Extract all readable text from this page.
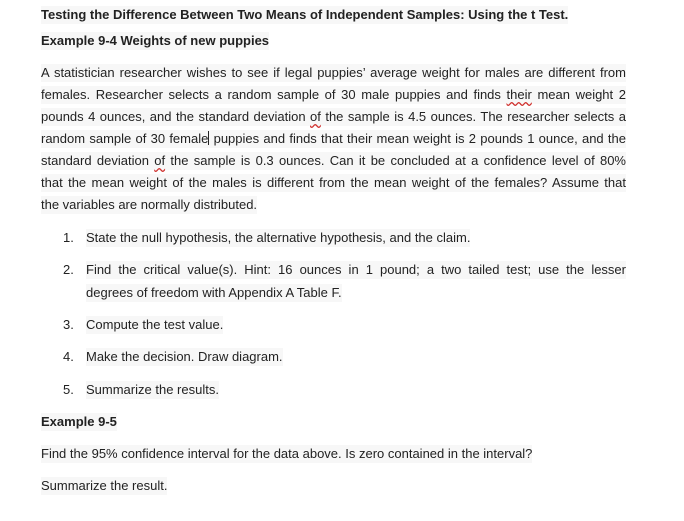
Testing the Difference Between Two Means of Independent Samples: Using the t Test.
Example 9-4 Weights of new puppies
A statistician researcher wishes to see if legal puppies’ average weight for males are different from
females. Researcher selects a random sample of 30 male puppies and finds their mean weight 2
pounds 4 ounces, and the standard deviation of the sample is 4.5 ounces. The researcher selects a
random sample of 30 female puppies and finds that their mean weight is 2 pounds 1 ounce, and the
standard deviation of the sample is 0.3 ounces. Can it be concluded at a confidence level of 80%
that the mean weight of the males is different from the mean weight of the females? Assume that
the variables are normally distributed.
1. State the null hypothesis, the alternative hypothesis, and the claim.
2. Find the critical value(s). Hint: 16 ounces in 1 pound; a two tailed test; use the lesser
degrees of freedom with Appendix A Table F.
3. Compute the test value.
4. Make the decision. Draw diagram.
5. Summarize the results.
Example 9-5
Find the 95% confidence interval for the data above. Is zero contained in the interval?
Summarize the result.
